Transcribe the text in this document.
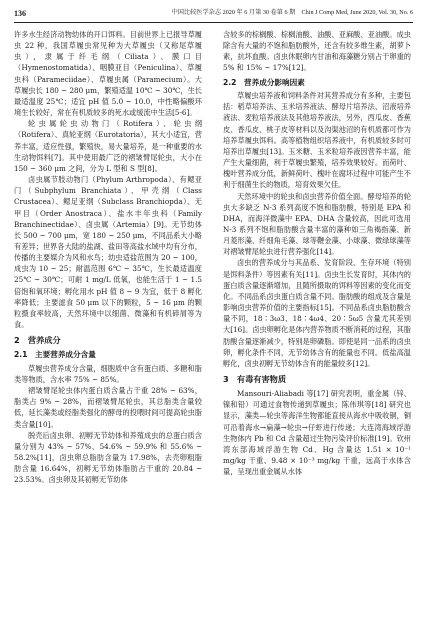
136	中国比较医学杂志 2020 年 6 月第 30 卷第 6 期　Chin J Comp Med, June 2020, Vol. 30, No. 6

许多水生经济动物幼体的开口饵料。目前世界上已报导草履虫 22 种，我国草履虫常见种为大草履虫（又称尾草履虫），隶属于纤毛纲（Ciliata）、膜口目（Hymenostomatida）、咽膜亚目（Peniculina）、草履虫科（Parameciidae）、草履虫属（Paramecium）。大草履虫长 180 ~ 280 μm，繁殖适温 10℃ ~ 30℃，生长最适温度 25℃；适宜 pH 值 5.0 ~ 10.0，中性略偏酸环境生长较好，常在有机质较多的死水或缓流中生活[5-6]。

轮虫属轮虫动物门（Rotifera）、轮虫纲（Rotifera）、真轮亚纲（Eurotatoria），其大小适宜，营养丰富，适应性强，繁殖快，易大量培养，是一种重要的水生动物饵料[7]。其中使用最广泛的褶皱臂尾轮虫，大小在 150 ~ 360 μm 之间，分为 L 型和 S 型[8]。

卤虫属节肢动物门（Phylum Arthropoda）、有鳃亚门（Subphylum Branchiata）、甲壳纲（Class Crustacea）、鳃足亚纲（Subclass Branchiopda）、无甲目（Order Anostraca）、盐水丰年虫科（Family Branchinectidae）、卤虫属（Artemia）[9]。无节幼体长 500 ~ 700 μm，宽 180 ~ 250 μm，不同品系大小略有差异；世界各大陆的盐湖、盐田等高盐水域中均有分布，传播的主要媒介为风和水鸟；幼虫适盐范围为 20 ~ 100，成虫为 10 ~ 25；耐温范围 6℃ ~ 35℃，生长最适温度 25℃ ~ 30℃；可耐 1 mg/L 低氧，也能生活于 1 ~ 1.5 倍饱和氧环境；孵化用水 pH 值 8 ~ 9 为宜，低于 8 孵化率降低；主要滤食 50 μm 以下的颗粒，5 ~ 16 μm 的颗粒摄食率较高，天然环境中以细菌、微藻和有机碎屑等为食。

2　营养成分
2.1　主要营养成分含量

草履虫营养成分含量，细胞质中含有蛋白质、多糖和脂类等物质，含水率 75% ~ 85%。

褶皱臂尾轮虫体内蛋白质含量占干重 28% ~ 63%，脂类占 9% ~ 28%，而褶皱臂尾轮虫，其总脂类含量较低，延长藻类或经脂类强化的酵母的投喂时间可提高轮虫脂类含量[10]。

脱壳后卤虫卵、初孵无节幼体和养殖成虫的总蛋白质含量分别为 43% ~ 57%、54.6% ~ 59.9% 和 55.6% ~ 58.2%[11]，卤虫卵总脂肪含量为 17.98%，去壳卵粗脂肪含量 16.64%，初孵无节幼体脂肪占干重的 20.84 ~ 23.53%。卤虫卵及其初孵无节幼体

含较多的棕榈酸、棕榈油酸、油酸、亚麻酸、亚油酸。成虫除含有大量的不饱和脂肪酸外，还含有较多维生素，胡萝卜素，抗坏血酸。卤虫休眠卵内甘油和海藻糖分别占干卵重的 5% 和 15% ~ 17%[12]。

2.2　营养成分影响因素

草履虫培养液和饲料条件对其营养成分有多种，主要包括：稻草培养法、玉米培养液法、酵母片培养法、沼液培养液法、麦粒培养液法及其他培养液法，另外，西瓜皮、香蕉皮、香瓜皮、桃子皮等材料以及沟渠池沼的有机质都可作为培养草履虫饵料。高等植物组织培养液中，有机质较多时可培养出草履虫[13]。玉米糖、玉米粒培养液因营养丰富，能产生大量细菌，利于草履虫繁殖，培养效果较好。而荷叶、槐叶营养成分低，新鲜荷叶、槐叶在腐坏过程中可能产生不利于细菌生长的物质，培育效果欠佳。

天然环境中的轮虫和卤虫营养价值全面。酵母培养的轮虫大多缺乏 N-3 系列高度不饱和脂肪酸，特别是 EPA 和 DHA，而海洋微藻中 EPA、DHA 含量较高，因此可选用 N-3 系列不饱和脂肪酸含量丰富的藻种如三角褐指藻、新月菱形藻、纤细角毛藻、球等鞭金藻、小球藻、微绿球藻等对褶皱臂尾轮虫进行营养强化[14]。

卤虫的营养成分与其品系、发育阶段、生存环境（特别是饵料条件）等因素有关[11]。卤虫生长发育时，其体内的蛋白质含量逐渐增加，且随所摄取的饵料等因素的变化而变化。不同品系卤虫蛋白质含量不同。脂肪酸的组成及含量是影响卤虫营养价值的主要指标[15]。不同品系卤虫脂肪酸含量不同，18∶3ω3、18∶4ω4、20∶5ω5 含量尤其差别大[16]。卤虫卵孵化是体内营养物质不断消耗的过程，其脂肪酸含量逐渐减少，特别是卵磷脂。即使是同一品系的卤虫卵，孵化条件不同，无节幼体含有的能量也不同。低盐高温孵化，卤虫初孵无节幼体含有的能量较多[12]。

3　有毒有害物质

Mansouri-Aliabadi 等[17] 研究表明，重金属（锌、镍和铅）可通过食物传递到草履虫；陈伟琪等[18] 研究也显示，藻类—轮虫等海洋生物都能直接从海水中吸收铜，铜可沿着海水→扁藻→轮虫→仔虾进行传递；大连湾海域浮游生物体内 Pb 和 Cd 含量超过生物污染评价标准[19]。钦州湾东部海域浮游生物 Cd、Hg 含量达 1.51 × 10⁻¹ mg/kg 干重、9.48 × 10⁻³ mg/kg 干重，远高于水体含量，呈现出重金属从水体
